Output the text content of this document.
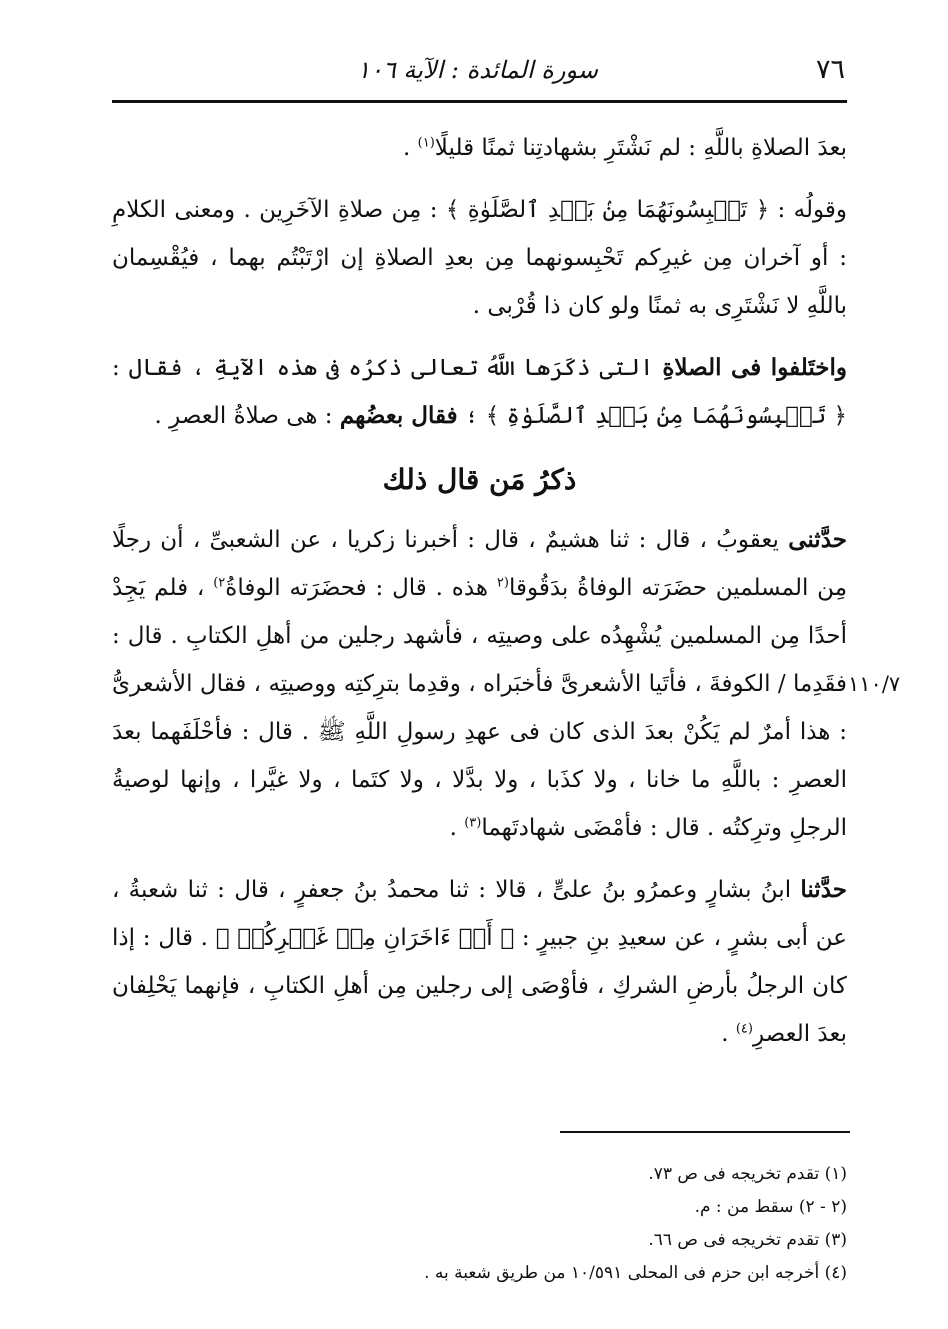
٧٦
سورة المائدة : الآية ١٠٦

بعدَ الصلاةِ باللَّهِ : لم نَشْتَرِ بشهادتِنا ثمنًا قليلًا$^{(١)}$ .

وقولُه : ﴿ تَحۡبِسُونَهُمَا مِنۢ بَعۡدِ ٱلصَّلَوٰةِ ﴾ : مِن صلاةِ الآخَرِين . ومعنى الكلامِ : أو آخران مِن غيرِكم تَحْبِسونهما مِن بعدِ الصلاةِ إن ارْتَبْتُم بهما ، فيُقْسِمان باللَّهِ لا نَشْتَرِى به ثمنًا ولو كان ذا قُرْبى .

واختَلفوا فى الصلاةِ التى ذكَرَها اللَّهُ تعالى ذكرُه فى هذه الآيةِ ، فقال : ﴿ تَحۡبِسُونَهُمَا مِنۢ بَعۡدِ ٱلصَّلَوٰةِ ﴾ ؛ فقال بعضُهم : هى صلاةُ العصرِ .

ذكرُ مَن قال ذلك

حدَّثنى يعقوبُ ، قال : ثنا هشيمٌ ، قال : أخبرنا زكريا ، عن الشعبىِّ ، أن رجلًا مِن المسلمين حضَرَته الوفاةُ بدَقُوقا$^{(٢}$ هذه . قال : فحضَرَته الوفاةُ$^{٢)}$ ، فلم يَجِدْ أحدًا مِن المسلمين يُشْهِدُه على وصيتِه ، فأشهد رجلين من أهلِ الكتابِ . قال : فقَدِما / الكوفةَ ، فأتَيا الأشعرىَّ فأخبَراه ، وقدِما بترِكتِه ووصيتِه ، فقال الأشعرىُّ : هذا أمرٌ لم يَكُنْ بعدَ الذى كان فى عهدِ رسولِ اللَّهِ ﷺ . قال : فأحْلَفَهما بعدَ العصرِ : باللَّهِ ما خانا ، ولا كذَبا ، ولا بدَّلا ، ولا كتَما ، ولا غيَّرا ، وإنها لوصيةُ الرجلِ وترِكتُه . قال : فأمْضَى شهادتَهما$^{(٣)}$ .

حدَّثنا ابنُ بشارٍ وعمرُو بنُ علىٍّ ، قالا : ثنا محمدُ بنُ جعفرٍ ، قال : ثنا شعبةُ ، عن أبى بشرٍ ، عن سعيدِ بنِ جبيرٍ : ﴿ أَوۡ ءَاخَرَانِ مِنۡ غَيۡرِكُمۡ ﴾ . قال : إذا كان الرجلُ بأرضِ الشركِ ، فأوْصَى إلى رجلين مِن أهلِ الكتابِ ، فإنهما يَحْلِفان بعدَ العصرِ$^{(٤)}$ .

١١٠/٧

(١) تقدم تخريجه فى ص ٧٣.

(٢ - ٢) سقط من : م.

(٣) تقدم تخريجه فى ص ٦٦.

(٤) أخرجه ابن حزم فى المحلى ١٠/٥٩١ من طريق شعبة به .
